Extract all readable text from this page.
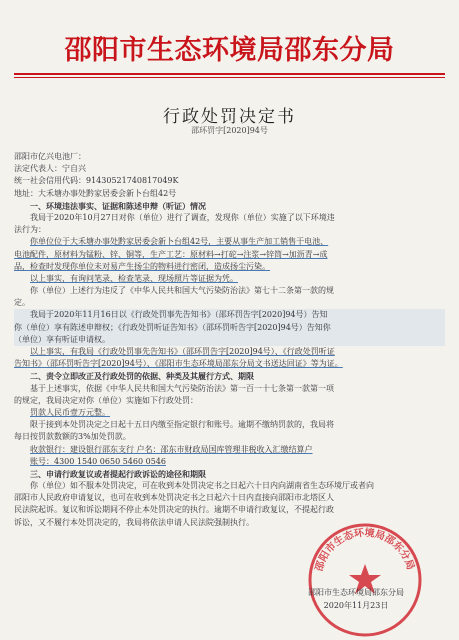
邵阳市生态环境局邵东分局
行政处罚决定书
邵环罚字[2020]94号
邵阳市亿兴电池厂：
法定代表人：宁自兴
统一社会信用代码：91430521740817049K
地址：大禾塘办事处黔家居委会新卜台组42号
一、环境违法事实、证据和陈述申辩（听证）情况
我局于2020年10月27日对你（单位）进行了调查，发现你（单位）实施了以下环境违
法行为：
你单位位于大禾塘办事处黔家居委会新卜台组42号，主要从事生产加工销售干电池、
电池配件，原材料为锰粉、锌、铜等，生产工艺：原材料→打砣→注浆→锌筒→加沥青→成
品，检查时发现你单位未对易产生扬尘的物料进行密闭，造成扬尘污染。
以上事实，有询问笔录、检查笔录、现场照片等证据为凭。
你（单位）上述行为违反了《中华人民共和国大气污染防治法》第七十二条第一款的规
定。
我局于2020年11月16日以《行政处罚事先告知书》（邵环罚告字[2020]94号）告知
你（单位）享有陈述申辩权；《行政处罚听证告知书》（邵环罚听告字[2020]94号）告知你
（单位）享有听证申请权。
以上事实，有我局《行政处罚事先告知书》（邵环罚告字[2020]94号）、《行政处罚听证
告知书》（邵环罚听告字[2020]94号）、《邵阳市生态环境局邵东分局文书送达回证》等为证。
二、责令立即改正及行政处罚的依据、种类及其履行方式、期限
基于上述事实，依据《中华人民共和国大气污染防治法》第一百一十七条第一款第一项
的规定，我局决定对你（单位）实施如下行政处罚：
罚款人民币壹万元整。
限于接到本处罚决定之日起十五日内缴至指定银行和账号。逾期不缴纳罚款的，我局将
每日按罚款数额的3%加处罚款。
收款银行：建设银行邵东支行 户名：邵东市财政局国库管理非税收入汇缴结算户
账号：4300 1540 0650 5460 0546
三、申请行政复议或者提起行政诉讼的途径和期限
你（单位）如不服本处罚决定，可在收到本处罚决定书之日起六十日内向湖南省生态环境厅或者向
邵阳市人民政府申请复议，也可在收到本处罚决定书之日起六十日内直接向邵阳市北塔区人
民法院起诉。复议和诉讼期间不停止本处罚决定的执行。逾期不申请行政复议，不提起行政
诉讼，又不履行本处罚决定的，我局将依法申请人民法院强制执行。
邵阳市生态环境局邵东分局
邵阳市生态环境局邵东分局
2020年11月23日
